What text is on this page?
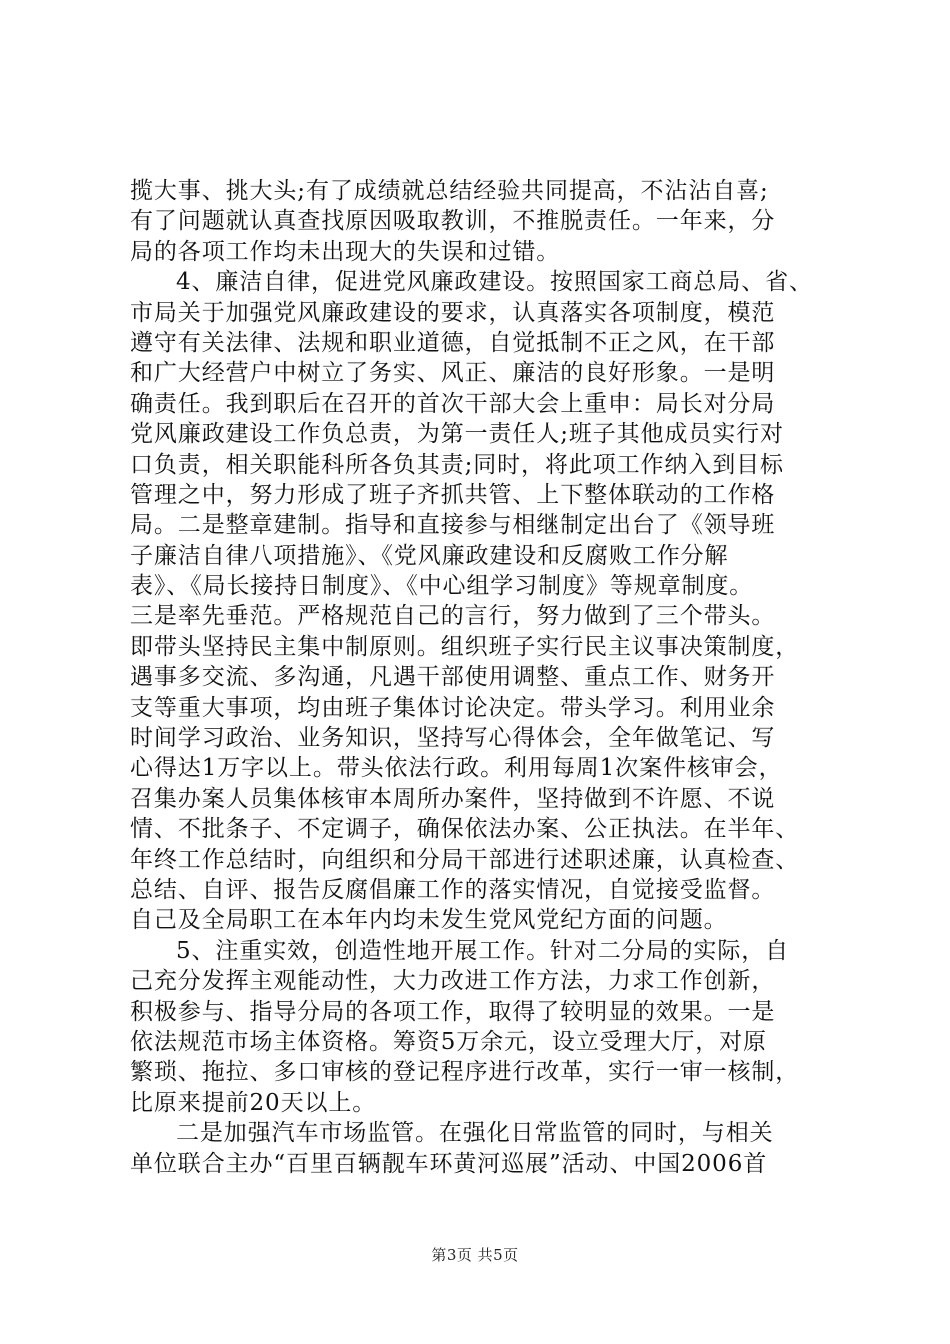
揽大事、挑大头;有了成绩就总结经验共同提高，不沾沾自喜;
有了问题就认真查找原因吸取教训，不推脱责任。一年来，分
局的各项工作均未出现大的失误和过错。
4、廉洁自律，促进党风廉政建设。按照国家工商总局、省、
市局关于加强党风廉政建设的要求，认真落实各项制度，模范
遵守有关法律、法规和职业道德，自觉抵制不正之风，在干部
和广大经营户中树立了务实、风正、廉洁的良好形象。一是明
确责任。我到职后在召开的首次干部大会上重申：局长对分局
党风廉政建设工作负总责，为第一责任人;班子其他成员实行对
口负责，相关职能科所各负其责;同时，将此项工作纳入到目标
管理之中，努力形成了班子齐抓共管、上下整体联动的工作格
局。二是整章建制。指导和直接参与相继制定出台了《领导班
子廉洁自律八项措施》、《党风廉政建设和反腐败工作分解
表》、《局长接持日制度》、《中心组学习制度》等规章制度。
三是率先垂范。严格规范自己的言行，努力做到了三个带头。
即带头坚持民主集中制原则。组织班子实行民主议事决策制度，
遇事多交流、多沟通，凡遇干部使用调整、重点工作、财务开
支等重大事项，均由班子集体讨论决定。带头学习。利用业余
时间学习政治、业务知识，坚持写心得体会，全年做笔记、写
心得达1万字以上。带头依法行政。利用每周1次案件核审会，
召集办案人员集体核审本周所办案件，坚持做到不许愿、不说
情、不批条子、不定调子，确保依法办案、公正执法。在半年、
年终工作总结时，向组织和分局干部进行述职述廉，认真检查、
总结、自评、报告反腐倡廉工作的落实情况，自觉接受监督。
自己及全局职工在本年内均未发生党风党纪方面的问题。
5、注重实效，创造性地开展工作。针对二分局的实际，自
己充分发挥主观能动性，大力改进工作方法，力求工作创新，
积极参与、指导分局的各项工作，取得了较明显的效果。一是
依法规范市场主体资格。筹资5万余元，设立受理大厅，对原
繁琐、拖拉、多口审核的登记程序进行改革，实行一审一核制，
比原来提前20天以上。
二是加强汽车市场监管。在强化日常监管的同时，与相关
单位联合主办“百里百辆靓车环黄河巡展”活动、中国2006首
第3页 共5页
